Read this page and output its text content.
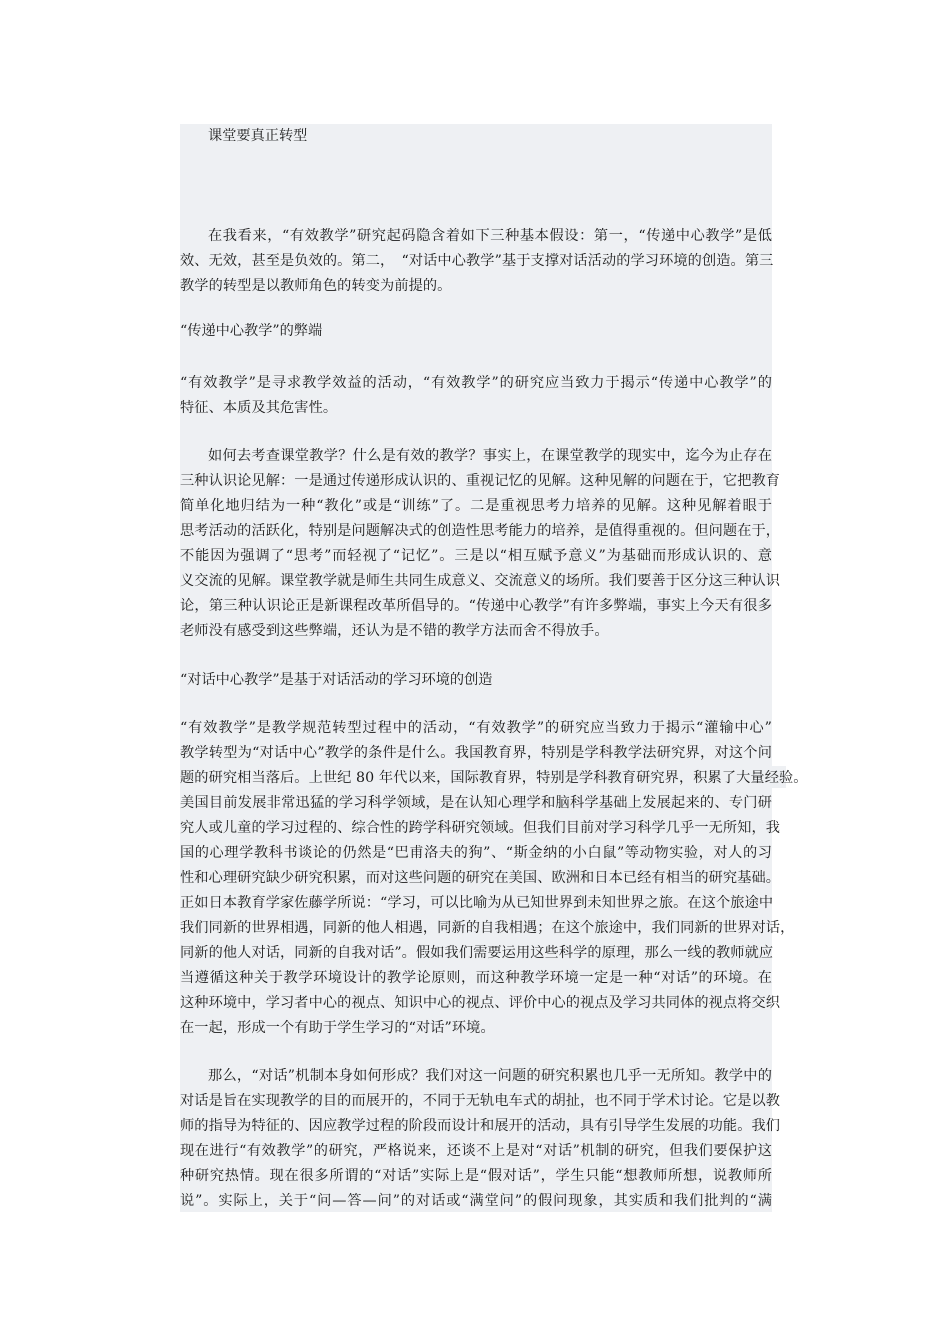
课堂要真正转型
在我看来，“有效教学”研究起码隐含着如下三种基本假设：第一，“传递中心教学”是低
效、无效，甚至是负效的。第二，　“对话中心教学”基于支撑对话活动的学习环境的创造。第三
教学的转型是以教师角色的转变为前提的。
“传递中心教学”的弊端
“有效教学”是寻求教学效益的活动，“有效教学”的研究应当致力于揭示“传递中心教学”的
特征、本质及其危害性。
如何去考查课堂教学？什么是有效的教学？事实上，在课堂教学的现实中，迄今为止存在
三种认识论见解：一是通过传递形成认识的、重视记忆的见解。这种见解的问题在于，它把教育
简单化地归结为一种“教化”或是“训练”了。二是重视思考力培养的见解。这种见解着眼于
思考活动的活跃化，特别是问题解决式的创造性思考能力的培养，是值得重视的。但问题在于，
不能因为强调了“思考”而轻视了“记忆”。三是以“相互赋予意义”为基础而形成认识的、意
义交流的见解。课堂教学就是师生共同生成意义、交流意义的场所。我们要善于区分这三种认识
论，第三种认识论正是新课程改革所倡导的。“传递中心教学”有许多弊端，事实上今天有很多
老师没有感受到这些弊端，还认为是不错的教学方法而舍不得放手。
“对话中心教学”是基于对话活动的学习环境的创造
“有效教学”是教学规范转型过程中的活动，“有效教学”的研究应当致力于揭示“灌输中心”
教学转型为“对话中心”教学的条件是什么。我国教育界，特别是学科教学法研究界，对这个问
题的研究相当落后。上世纪 80 年代以来，国际教育界，特别是学科教育研究界，积累了大量经验。
美国目前发展非常迅猛的学习科学领域，是在认知心理学和脑科学基础上发展起来的、专门研
究人或儿童的学习过程的、综合性的跨学科研究领域。但我们目前对学习科学几乎一无所知，我
国的心理学教科书谈论的仍然是“巴甫洛夫的狗”、“斯金纳的小白鼠”等动物实验，对人的习
性和心理研究缺少研究积累，而对这些问题的研究在美国、欧洲和日本已经有相当的研究基础。
正如日本教育学家佐藤学所说：“学习，可以比喻为从已知世界到未知世界之旅。在这个旅途中
我们同新的世界相遇，同新的他人相遇，同新的自我相遇；在这个旅途中，我们同新的世界对话，
同新的他人对话，同新的自我对话”。假如我们需要运用这些科学的原理，那么一线的教师就应
当遵循这种关于教学环境设计的教学论原则，而这种教学环境一定是一种“对话”的环境。在
这种环境中，学习者中心的视点、知识中心的视点、评价中心的视点及学习共同体的视点将交织
在一起，形成一个有助于学生学习的“对话”环境。
那么，“对话”机制本身如何形成？我们对这一问题的研究积累也几乎一无所知。教学中的
对话是旨在实现教学的目的而展开的，不同于无轨电车式的胡扯，也不同于学术讨论。它是以教
师的指导为特征的、因应教学过程的阶段而设计和展开的活动，具有引导学生发展的功能。我们
现在进行“有效教学”的研究，严格说来，还谈不上是对“对话”机制的研究，但我们要保护这
种研究热情。现在很多所谓的“对话”实际上是“假对话”，学生只能“想教师所想，说教师所
说”。实际上，关于“问—答—问”的对话或“满堂问”的假问现象，其实质和我们批判的“满
